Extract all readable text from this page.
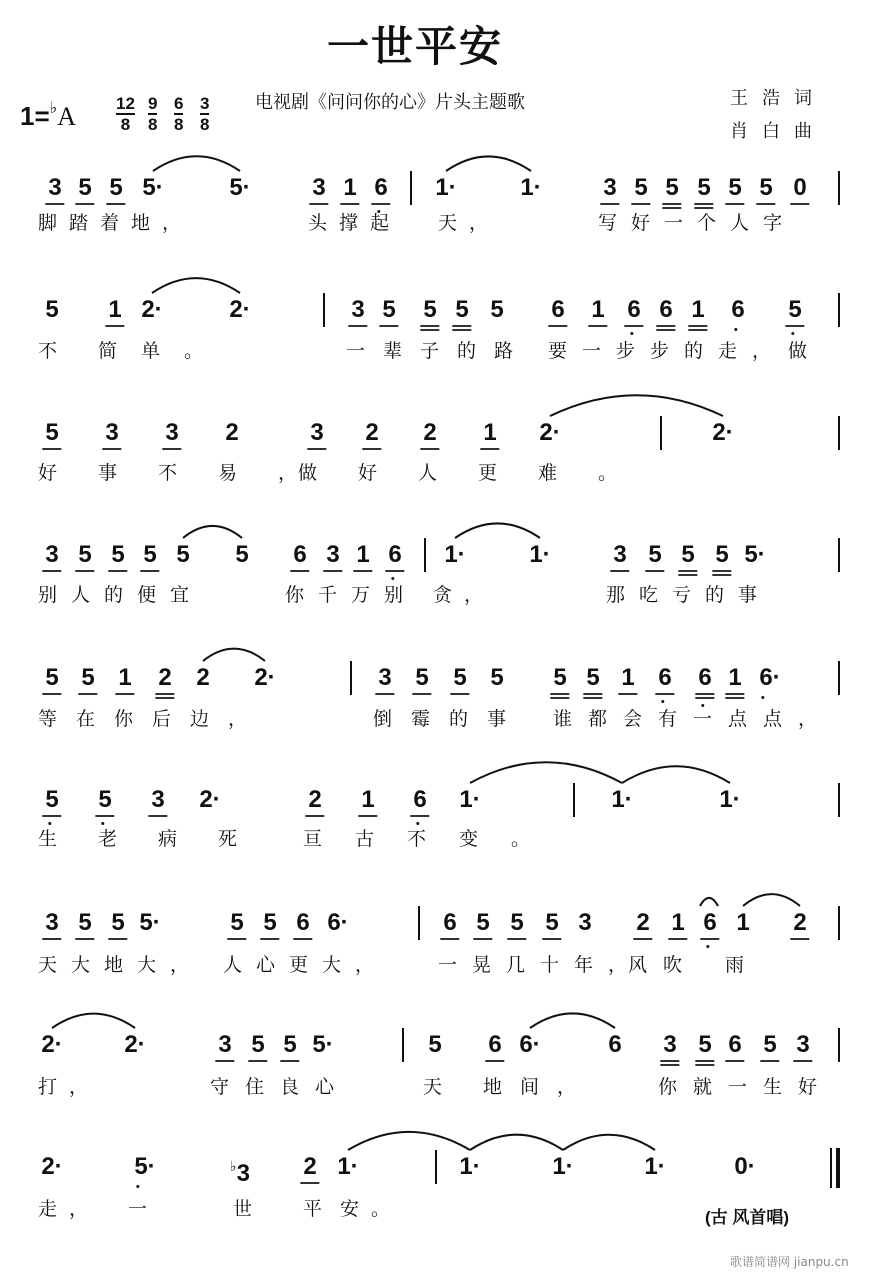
一世平安
$1=^♭A \frac{12}{8} \frac{9}{8} \frac{6}{8} \frac{3}{8}$	电视剧《问问你的心》片头主题歌	王浩词
肖白曲
3 5 5 5·	5·	3 1 6 1·	1·	3 5 5 5 5 5 0
脚踏着地，	头撑起 天，	写好一个人字
5 1 2·	2·	3 5 5 5 5 6 1 6 6 1 6 5
不 简单。	一辈子的路 要一步步的走， 做
5 3 3 2	3 2 2 1 2·	2·
好事不易，
做好人更难。
3 5 5 5 5 5 6 3 1 6 1·	1·	3 5 5 5 5·
别人的便宜	你千万别 贪，	那吃亏的事
5 5 1 2 2 2·	3 5 5 5 5 5 1 6 6 1 6·
等在你后边，	倒霉的事 谁都会有一点点，
5 5 3 2·	2 1 6 1·	1·	1·
生老病死 亘古不变。
3 5 5 5·	5 5 6 6·	6 5 5 5 3 2 1 6 1 2
天大地大， 人心更大，	一晃几十年，
风吹 雨
2·	2·	3 5 5 5·	5 6 6·	6 3 5 6 5 3
打，	守住良心	天 地间，	你就一生好
2·	5·	♭3 2 1·	1·	1·	1·	0·
走， 一	世 平 安。	(古 风首唱)
歌谱简谱网 jianpu.cn
